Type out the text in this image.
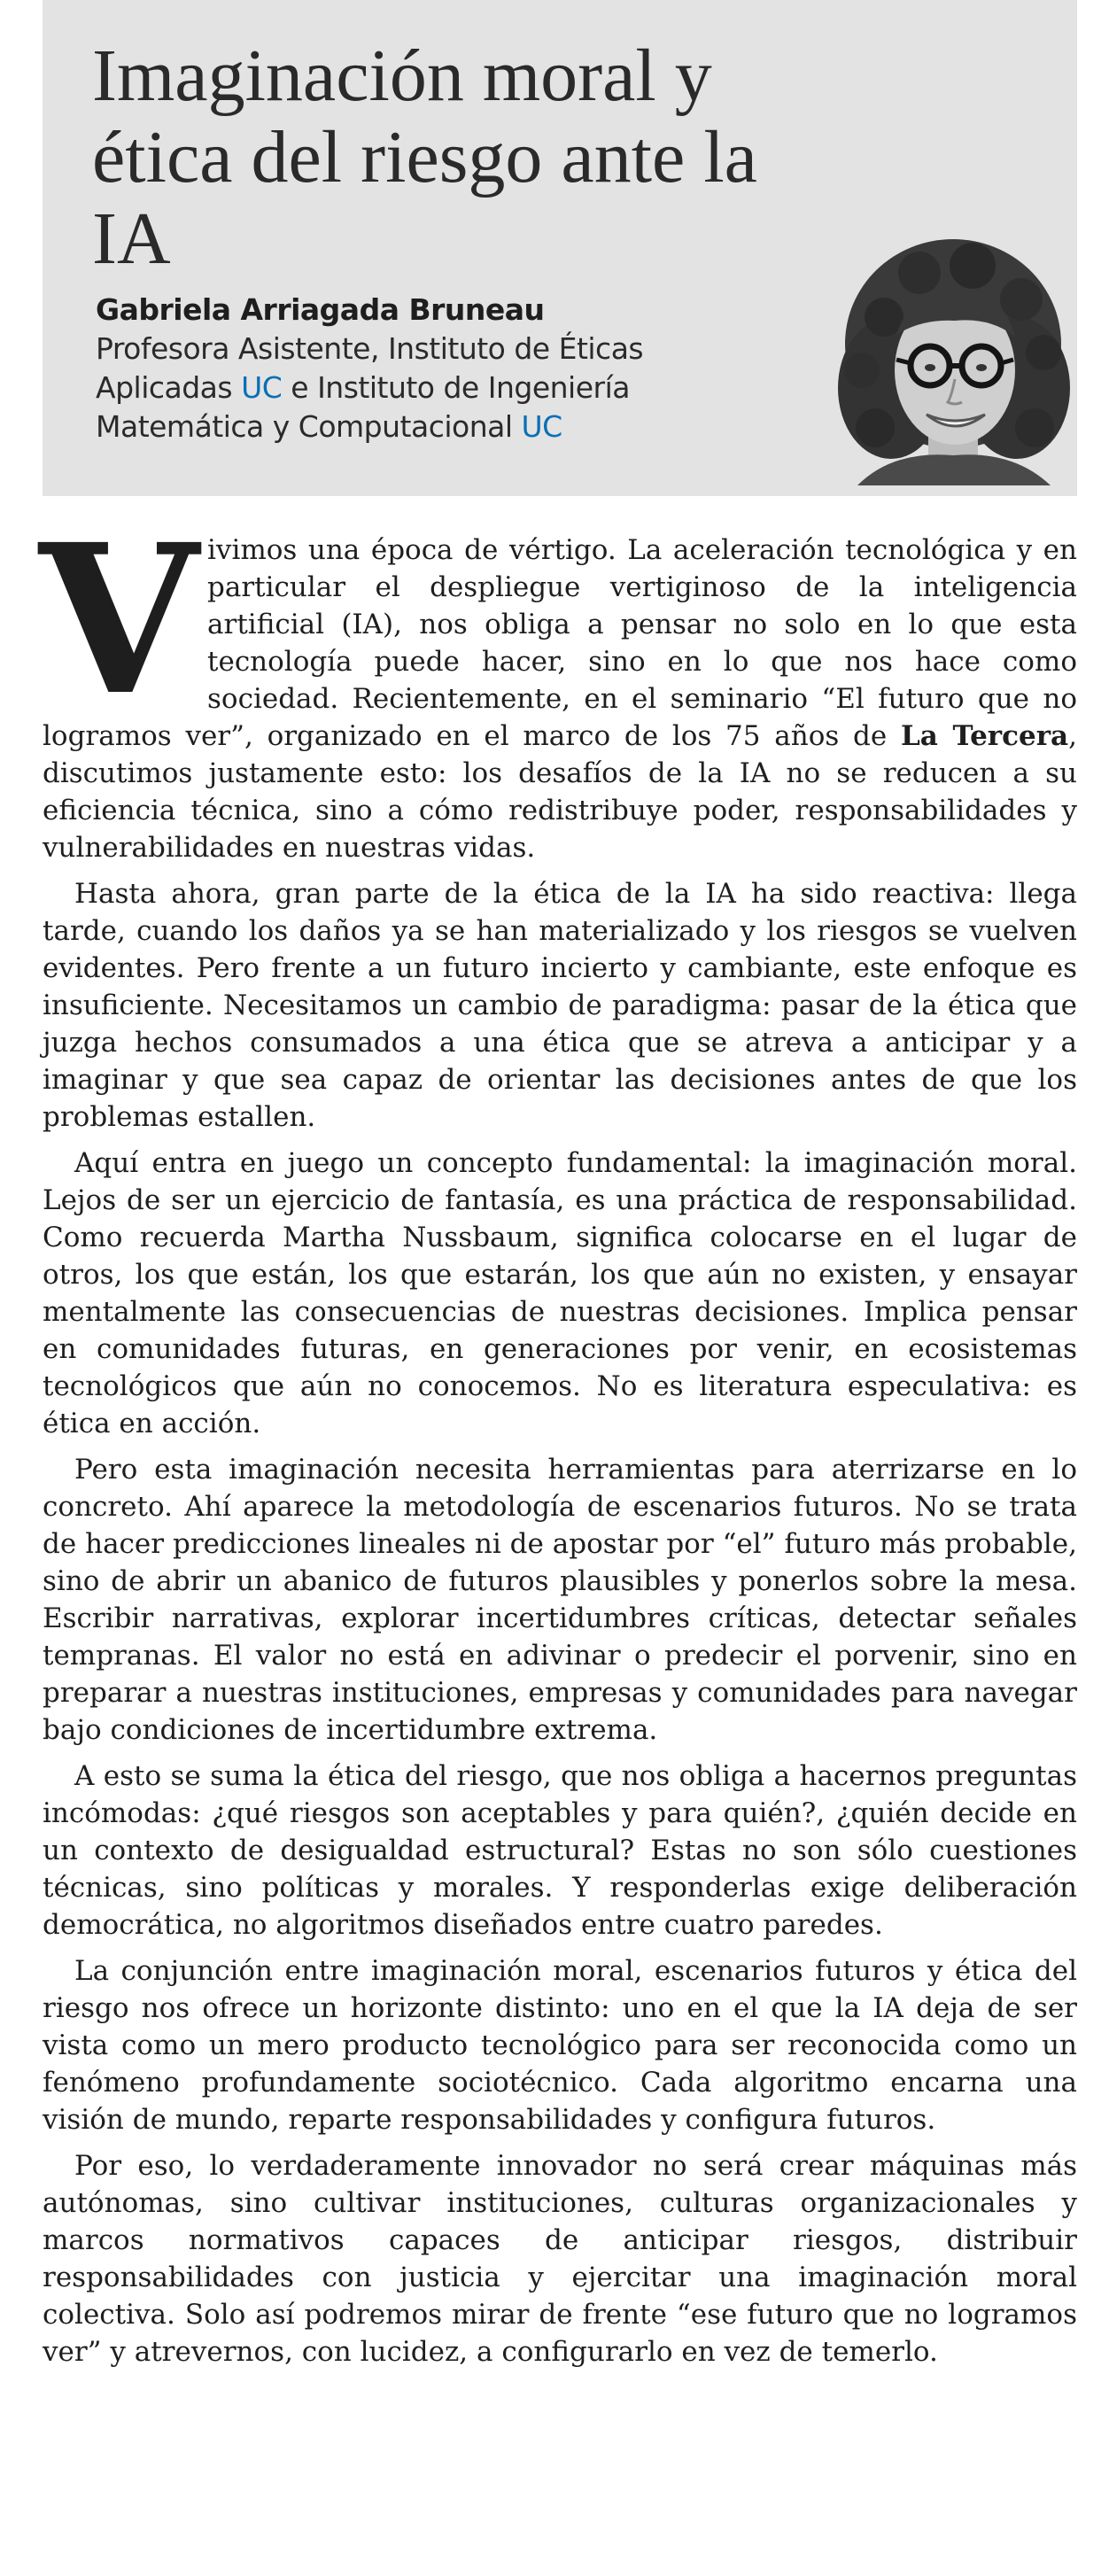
Imaginación moral y ética del riesgo ante la IA
Gabriela Arriagada Bruneau
Profesora Asistente, Instituto de Éticas Aplicadas UC e Instituto de Ingeniería Matemática y Computacional UC

Vivimos una época de vértigo. La aceleración tecnológica y en particular el despliegue vertiginoso de la inteligencia artificial (IA), nos obliga a pensar no solo en lo que esta tecnología puede hacer, sino en lo que nos hace como sociedad. Recientemente, en el seminario “El futuro que no logramos ver”, organizado en el marco de los 75 años de La Tercera, discutimos justamente esto: los desafíos de la IA no se reducen a su eficiencia técnica, sino a cómo redistribuye poder, responsabilidades y vulnerabilidades en nuestras vidas.

Hasta ahora, gran parte de la ética de la IA ha sido reactiva: llega tarde, cuando los daños ya se han materializado y los riesgos se vuelven evidentes. Pero frente a un futuro incierto y cambiante, este enfoque es insuficiente. Necesitamos un cambio de paradigma: pasar de la ética que juzga hechos consumados a una ética que se atreva a anticipar y a imaginar y que sea capaz de orientar las decisiones antes de que los problemas estallen.

Aquí entra en juego un concepto fundamental: la imaginación moral. Lejos de ser un ejercicio de fantasía, es una práctica de responsabilidad. Como recuerda Martha Nussbaum, significa colocarse en el lugar de otros, los que están, los que estarán, los que aún no existen, y ensayar mentalmente las consecuencias de nuestras decisiones. Implica pensar en comunidades futuras, en generaciones por venir, en ecosistemas tecnológicos que aún no conocemos. No es literatura especulativa: es ética en acción.

Pero esta imaginación necesita herramientas para aterrizarse en lo concreto. Ahí aparece la metodología de escenarios futuros. No se trata de hacer predicciones lineales ni de apostar por “el” futuro más probable, sino de abrir un abanico de futuros plausibles y ponerlos sobre la mesa. Escribir narrativas, explorar incertidumbres críticas, detectar señales tempranas. El valor no está en adivinar o predecir el porvenir, sino en preparar a nuestras instituciones, empresas y comunidades para navegar bajo condiciones de incertidumbre extrema.

A esto se suma la ética del riesgo, que nos obliga a hacernos preguntas incómodas: ¿qué riesgos son aceptables y para quién?, ¿quién decide en un contexto de desigualdad estructural? Estas no son sólo cuestiones técnicas, sino políticas y morales. Y responderlas exige deliberación democrática, no algoritmos diseñados entre cuatro paredes.

La conjunción entre imaginación moral, escenarios futuros y ética del riesgo nos ofrece un horizonte distinto: uno en el que la IA deja de ser vista como un mero producto tecnológico para ser reconocida como un fenómeno profundamente sociotécnico. Cada algoritmo encarna una visión de mundo, reparte responsabilidades y configura futuros.

Por eso, lo verdaderamente innovador no será crear máquinas más autónomas, sino cultivar instituciones, culturas organizacionales y marcos normativos capaces de anticipar riesgos, distribuir responsabilidades con justicia y ejercitar una imaginación moral colectiva. Solo así podremos mirar de frente “ese futuro que no logramos ver” y atrevernos, con lucidez, a configurarlo en vez de temerlo.
